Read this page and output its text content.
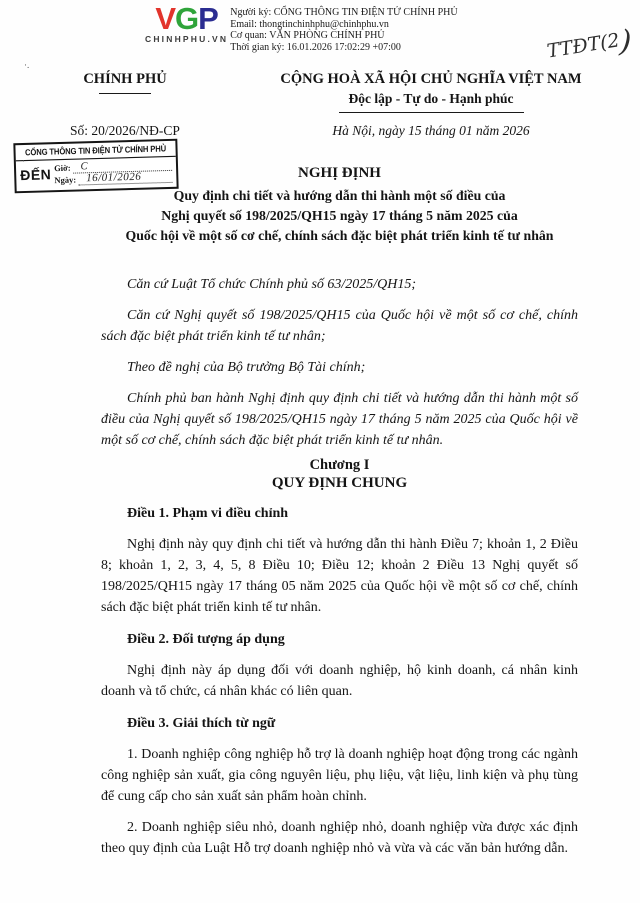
VGP
CHINHPHU.VN
Người ký: CỔNG THÔNG TIN ĐIỆN TỬ CHÍNH PHỦ
Email: thongtinchinhphu@chinhphu.vn
Cơ quan: VĂN PHÒNG CHÍNH PHỦ
Thời gian ký: 16.01.2026 17:02:29 +07:00	TTĐT(2)
CHÍNH PHỦ	CỘNG HOÀ XÃ HỘI CHỦ NGHĨA VIỆT NAM
Độc lập - Tự do - Hạnh phúc
Số: 20/2026/NĐ-CP	Hà Nội, ngày 15 tháng 01 năm 2026
CỔNG THÔNG TIN ĐIỆN TỬ CHÍNH PHỦ
ĐẾN Giờ: C
Ngày: 16/01/2026	NGHỊ ĐỊNH
Quy định chi tiết và hướng dẫn thi hành một số điều của
Nghị quyết số 198/2025/QH15 ngày 17 tháng 5 năm 2025 của
Quốc hội về một số cơ chế, chính sách đặc biệt phát triển kinh tế tư nhân

Căn cứ Luật Tổ chức Chính phủ số 63/2025/QH15;

Căn cứ Nghị quyết số 198/2025/QH15 của Quốc hội về một số cơ chế, chính sách đặc biệt phát triển kinh tế tư nhân;

Theo đề nghị của Bộ trưởng Bộ Tài chính;

Chính phủ ban hành Nghị định quy định chi tiết và hướng dẫn thi hành một số điều của Nghị quyết số 198/2025/QH15 ngày 17 tháng 5 năm 2025 của Quốc hội về một số cơ chế, chính sách đặc biệt phát triển kinh tế tư nhân.

Chương I
QUY ĐỊNH CHUNG
Điều 1. Phạm vi điều chỉnh

Nghị định này quy định chi tiết và hướng dẫn thi hành Điều 7; khoản 1, 2 Điều 8; khoản 1, 2, 3, 4, 5, 8 Điều 10; Điều 12; khoản 2 Điều 13 Nghị quyết số 198/2025/QH15 ngày 17 tháng 05 năm 2025 của Quốc hội về một số cơ chế, chính sách đặc biệt phát triển kinh tế tư nhân.

Điều 2. Đối tượng áp dụng

Nghị định này áp dụng đối với doanh nghiệp, hộ kinh doanh, cá nhân kinh doanh và tổ chức, cá nhân khác có liên quan.

Điều 3. Giải thích từ ngữ

1. Doanh nghiệp công nghiệp hỗ trợ là doanh nghiệp hoạt động trong các ngành công nghiệp sản xuất, gia công nguyên liệu, phụ liệu, vật liệu, linh kiện và phụ tùng để cung cấp cho sản xuất sản phẩm hoàn chỉnh.

2. Doanh nghiệp siêu nhỏ, doanh nghiệp nhỏ, doanh nghiệp vừa được xác định theo quy định của Luật Hỗ trợ doanh nghiệp nhỏ và vừa và các văn bản hướng dẫn.

·.
·
